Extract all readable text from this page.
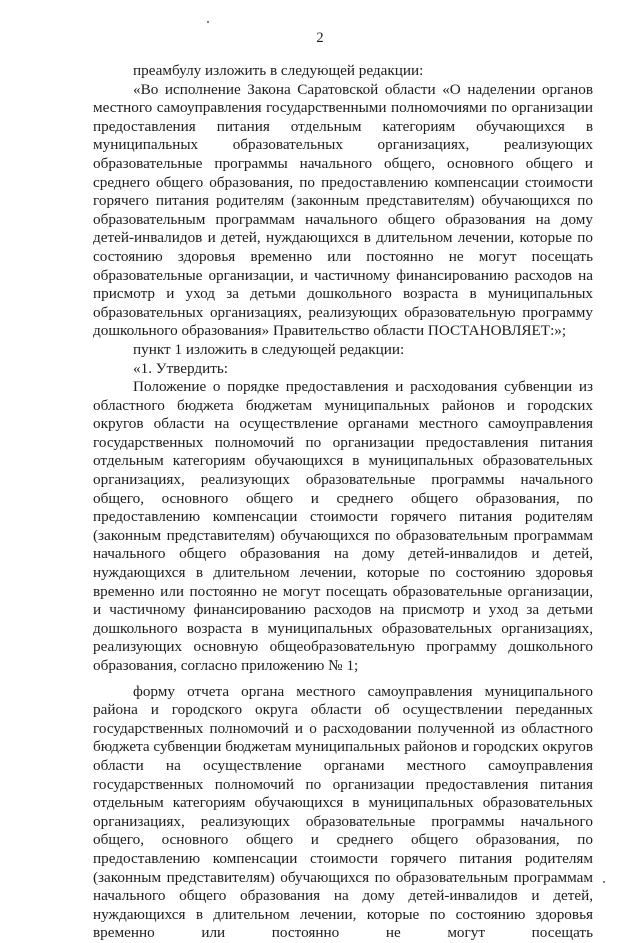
2

преамбулу изложить в следующей редакции:

«Во исполнение Закона Саратовской области «О наделении органов местного самоуправления государственными полномочиями по организации предоставления питания отдельным категориям обучающихся в муниципальных образовательных организациях, реализующих образовательные программы начального общего, основного общего и среднего общего образования, по предоставлению компенсации стоимости горячего питания родителям (законным представителям) обучающихся по образовательным программам начального общего образования на дому детей-инвалидов и детей, нуждающихся в длительном лечении, которые по состоянию здоровья временно или постоянно не могут посещать образовательные организации, и частичному финансированию расходов на присмотр и уход за детьми дошкольного возраста в муниципальных образовательных организациях, реализующих образовательную программу дошкольного образования» Правительство области ПОСТАНОВЛЯЕТ:»;

пункт 1 изложить в следующей редакции:

«1. Утвердить:

Положение о порядке предоставления и расходования субвенции из областного бюджета бюджетам муниципальных районов и городских округов области на осуществление органами местного самоуправления государственных полномочий по организации предоставления питания отдельным категориям обучающихся в муниципальных образовательных организациях, реализующих образовательные программы начального общего, основного общего и среднего общего образования, по предоставлению компенсации стоимости горячего питания родителям (законным представителям) обучающихся по образовательным программам начального общего образования на дому детей-инвалидов и детей, нуждающихся в длительном лечении, которые по состоянию здоровья временно или постоянно не могут посещать образовательные организации, и частичному финансированию расходов на присмотр и уход за детьми дошкольного возраста в муниципальных образовательных организациях, реализующих основную общеобразовательную программу дошкольного образования, согласно приложению № 1;

форму отчета органа местного самоуправления муниципального района и городского округа области об осуществлении переданных государственных полномочий и о расходовании полученной из областного бюджета субвенции бюджетам муниципальных районов и городских округов области на осуществление органами местного самоуправления государственных полномочий по организации предоставления питания отдельным категориям обучающихся в муниципальных образовательных организациях, реализующих образовательные программы начального общего, основного общего и среднего общего образования, по предоставлению компенсации стоимости горячего питания родителям (законным представителям) обучающихся по образовательным программам начального общего образования на дому детей-инвалидов и детей, нуждающихся в длительном лечении, которые по состоянию здоровья временно или постоянно не могут посещать
